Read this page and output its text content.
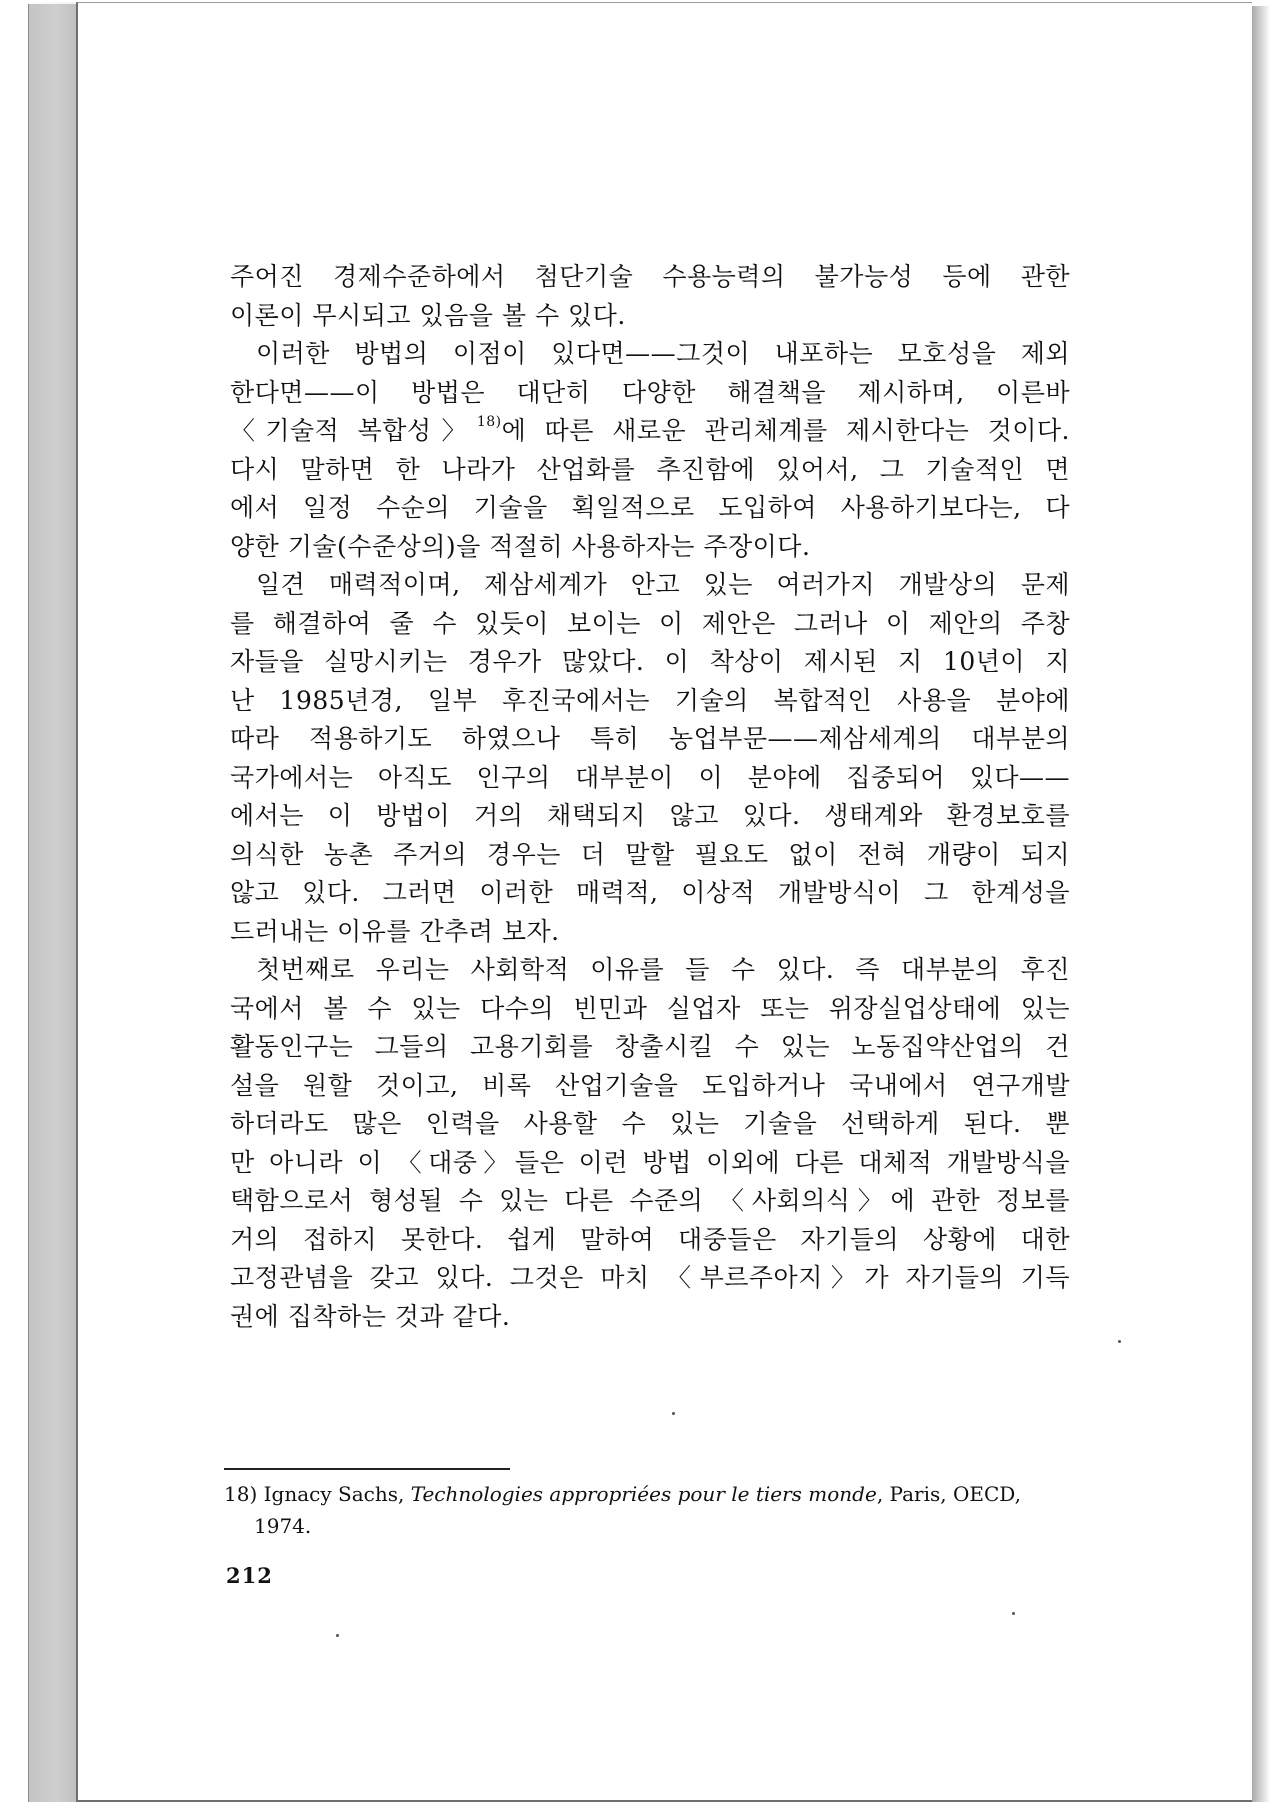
주어진 경제수준하에서 첨단기술 수용능력의 불가능성 등에 관한
이론이 무시되고 있음을 볼 수 있다.
이러한 방법의 이점이 있다면——그것이 내포하는 모호성을 제외
한다면——이 방법은 대단히 다양한 해결책을 제시하며, 이른바
〈기술적 복합성〉$^{18)}$에 따른 새로운 관리체계를 제시한다는 것이다.
다시 말하면 한 나라가 산업화를 추진함에 있어서, 그 기술적인 면
에서 일정 수순의 기술을 획일적으로 도입하여 사용하기보다는, 다
양한 기술(수준상의)을 적절히 사용하자는 주장이다.
일견 매력적이며, 제삼세계가 안고 있는 여러가지 개발상의 문제
를 해결하여 줄 수 있듯이 보이는 이 제안은 그러나 이 제안의 주창
자들을 실망시키는 경우가 많았다. 이 착상이 제시된 지 10년이 지
난 1985년경, 일부 후진국에서는 기술의 복합적인 사용을 분야에
따라 적용하기도 하였으나 특히 농업부문——제삼세계의 대부분의
국가에서는 아직도 인구의 대부분이 이 분야에 집중되어 있다——
에서는 이 방법이 거의 채택되지 않고 있다. 생태계와 환경보호를
의식한 농촌 주거의 경우는 더 말할 필요도 없이 전혀 개량이 되지
않고 있다. 그러면 이러한 매력적, 이상적 개발방식이 그 한계성을
드러내는 이유를 간추려 보자.
첫번째로 우리는 사회학적 이유를 들 수 있다. 즉 대부분의 후진
국에서 볼 수 있는 다수의 빈민과 실업자 또는 위장실업상태에 있는
활동인구는 그들의 고용기회를 창출시킬 수 있는 노동집약산업의 건
설을 원할 것이고, 비록 산업기술을 도입하거나 국내에서 연구개발
하더라도 많은 인력을 사용할 수 있는 기술을 선택하게 된다. 뿐
만 아니라 이 〈대중〉들은 이런 방법 이외에 다른 대체적 개발방식을
택함으로서 형성될 수 있는 다른 수준의 〈사회의식〉에 관한 정보를
거의 접하지 못한다. 쉽게 말하여 대중들은 자기들의 상황에 대한
고정관념을 갖고 있다. 그것은 마치 〈부르주아지〉가 자기들의 기득
권에 집착하는 것과 같다.
18) Ignacy Sachs, Technologies appropriées pour le tiers monde, Paris, OECD,
1974.
212
